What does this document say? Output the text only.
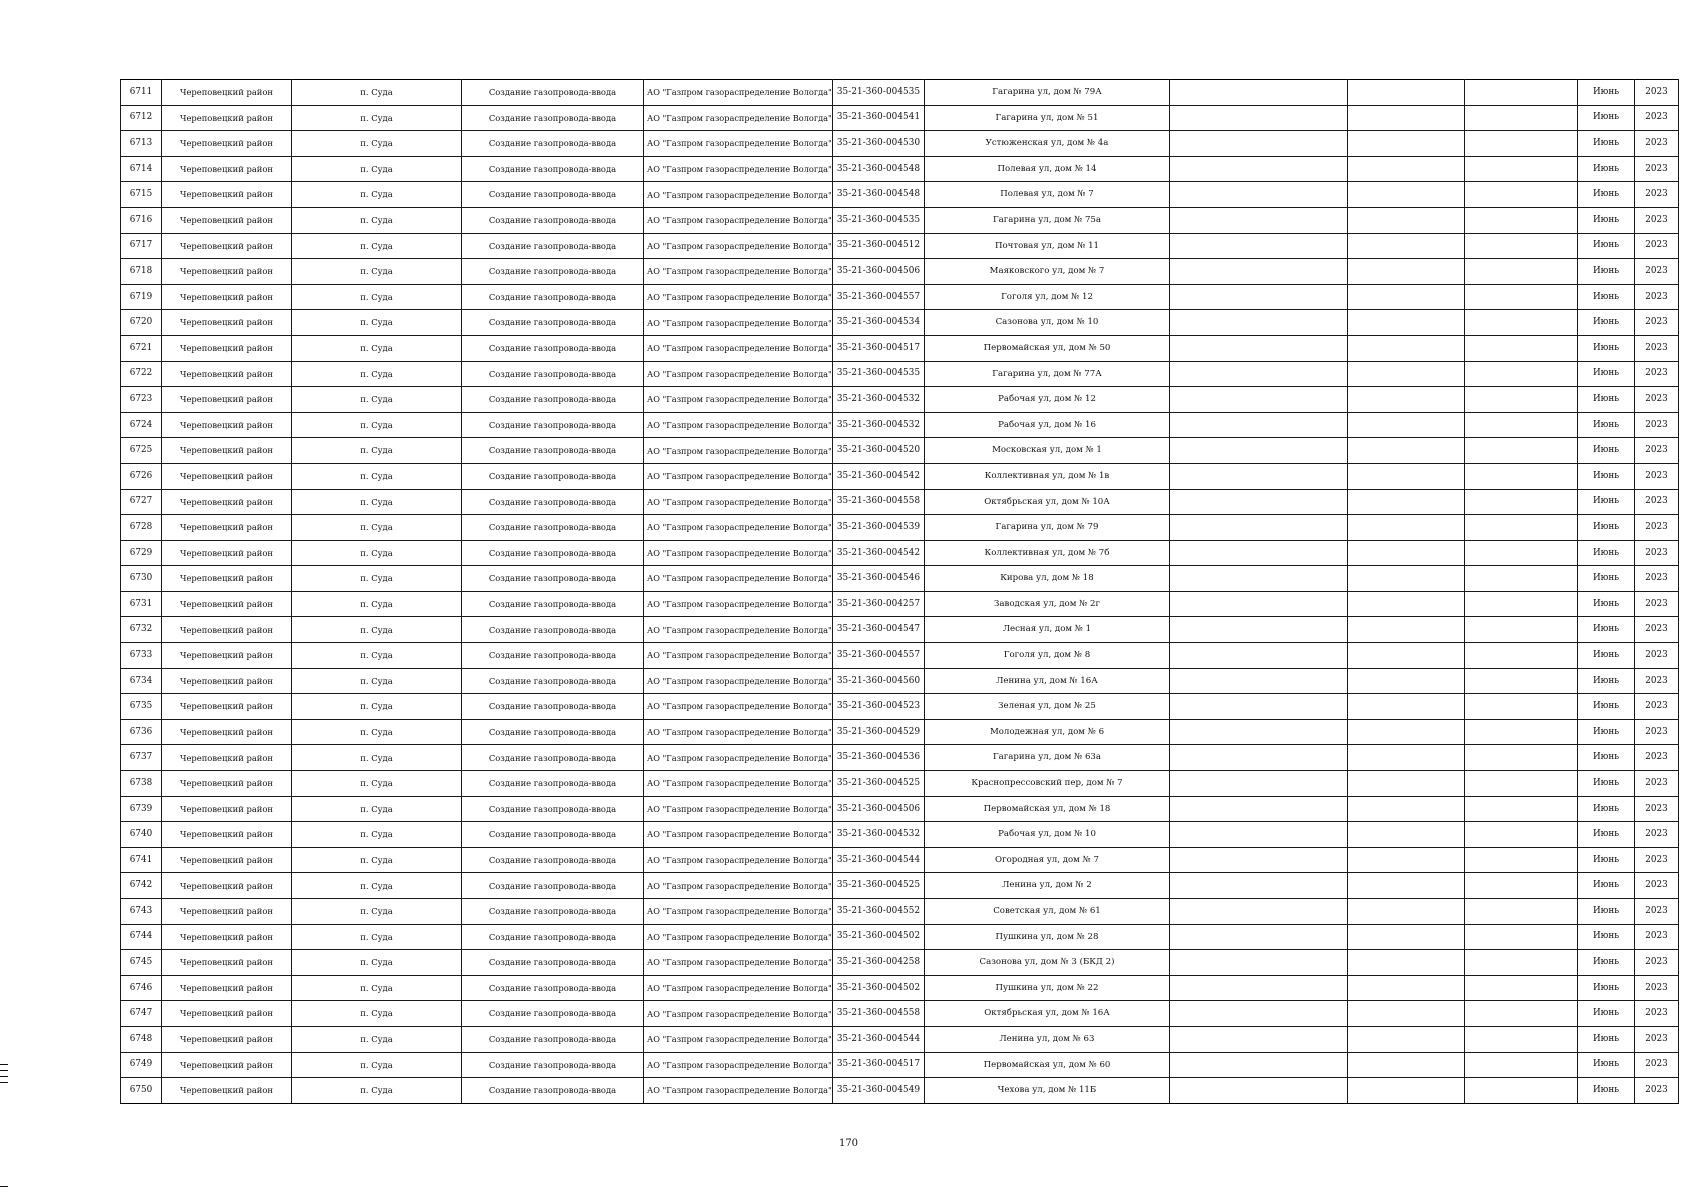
6711	Череповецкий район	п. Суда	Создание газопровода-ввода	АО "Газпром газораспределение Вологда"	35-21-360-004535	Гагарина ул, дом № 79А				Июнь	2023
6712	Череповецкий район	п. Суда	Создание газопровода-ввода	АО "Газпром газораспределение Вологда"	35-21-360-004541	Гагарина ул, дом № 51				Июнь	2023
6713	Череповецкий район	п. Суда	Создание газопровода-ввода	АО "Газпром газораспределение Вологда"	35-21-360-004530	Устюженская ул, дом № 4а				Июнь	2023
6714	Череповецкий район	п. Суда	Создание газопровода-ввода	АО "Газпром газораспределение Вологда"	35-21-360-004548	Полевая ул, дом № 14				Июнь	2023
6715	Череповецкий район	п. Суда	Создание газопровода-ввода	АО "Газпром газораспределение Вологда"	35-21-360-004548	Полевая ул, дом № 7				Июнь	2023
6716	Череповецкий район	п. Суда	Создание газопровода-ввода	АО "Газпром газораспределение Вологда"	35-21-360-004535	Гагарина ул, дом № 75а				Июнь	2023
6717	Череповецкий район	п. Суда	Создание газопровода-ввода	АО "Газпром газораспределение Вологда"	35-21-360-004512	Почтовая ул, дом № 11				Июнь	2023
6718	Череповецкий район	п. Суда	Создание газопровода-ввода	АО "Газпром газораспределение Вологда"	35-21-360-004506	Маяковского ул, дом № 7				Июнь	2023
6719	Череповецкий район	п. Суда	Создание газопровода-ввода	АО "Газпром газораспределение Вологда"	35-21-360-004557	Гоголя ул, дом № 12				Июнь	2023
6720	Череповецкий район	п. Суда	Создание газопровода-ввода	АО "Газпром газораспределение Вологда"	35-21-360-004534	Сазонова ул, дом № 10				Июнь	2023
6721	Череповецкий район	п. Суда	Создание газопровода-ввода	АО "Газпром газораспределение Вологда"	35-21-360-004517	Первомайская ул, дом № 50				Июнь	2023
6722	Череповецкий район	п. Суда	Создание газопровода-ввода	АО "Газпром газораспределение Вологда"	35-21-360-004535	Гагарина ул, дом № 77А				Июнь	2023
6723	Череповецкий район	п. Суда	Создание газопровода-ввода	АО "Газпром газораспределение Вологда"	35-21-360-004532	Рабочая ул, дом № 12				Июнь	2023
6724	Череповецкий район	п. Суда	Создание газопровода-ввода	АО "Газпром газораспределение Вологда"	35-21-360-004532	Рабочая ул, дом № 16				Июнь	2023
6725	Череповецкий район	п. Суда	Создание газопровода-ввода	АО "Газпром газораспределение Вологда"	35-21-360-004520	Московская ул, дом № 1				Июнь	2023
6726	Череповецкий район	п. Суда	Создание газопровода-ввода	АО "Газпром газораспределение Вологда"	35-21-360-004542	Коллективная ул, дом № 1в				Июнь	2023
6727	Череповецкий район	п. Суда	Создание газопровода-ввода	АО "Газпром газораспределение Вологда"	35-21-360-004558	Октябрьская ул, дом № 10А				Июнь	2023
6728	Череповецкий район	п. Суда	Создание газопровода-ввода	АО "Газпром газораспределение Вологда"	35-21-360-004539	Гагарина ул, дом № 79				Июнь	2023
6729	Череповецкий район	п. Суда	Создание газопровода-ввода	АО "Газпром газораспределение Вологда"	35-21-360-004542	Коллективная ул, дом № 7б				Июнь	2023
6730	Череповецкий район	п. Суда	Создание газопровода-ввода	АО "Газпром газораспределение Вологда"	35-21-360-004546	Кирова ул, дом № 18				Июнь	2023
6731	Череповецкий район	п. Суда	Создание газопровода-ввода	АО "Газпром газораспределение Вологда"	35-21-360-004257	Заводская ул, дом № 2г				Июнь	2023
6732	Череповецкий район	п. Суда	Создание газопровода-ввода	АО "Газпром газораспределение Вологда"	35-21-360-004547	Лесная ул, дом № 1				Июнь	2023
6733	Череповецкий район	п. Суда	Создание газопровода-ввода	АО "Газпром газораспределение Вологда"	35-21-360-004557	Гоголя ул, дом № 8				Июнь	2023
6734	Череповецкий район	п. Суда	Создание газопровода-ввода	АО "Газпром газораспределение Вологда"	35-21-360-004560	Ленина ул, дом № 16А				Июнь	2023
6735	Череповецкий район	п. Суда	Создание газопровода-ввода	АО "Газпром газораспределение Вологда"	35-21-360-004523	Зеленая ул, дом № 25				Июнь	2023
6736	Череповецкий район	п. Суда	Создание газопровода-ввода	АО "Газпром газораспределение Вологда"	35-21-360-004529	Молодежная ул, дом № 6				Июнь	2023
6737	Череповецкий район	п. Суда	Создание газопровода-ввода	АО "Газпром газораспределение Вологда"	35-21-360-004536	Гагарина ул, дом № 63а				Июнь	2023
6738	Череповецкий район	п. Суда	Создание газопровода-ввода	АО "Газпром газораспределение Вологда"	35-21-360-004525	Краснопрессовский пер, дом № 7				Июнь	2023
6739	Череповецкий район	п. Суда	Создание газопровода-ввода	АО "Газпром газораспределение Вологда"	35-21-360-004506	Первомайская ул, дом № 18				Июнь	2023
6740	Череповецкий район	п. Суда	Создание газопровода-ввода	АО "Газпром газораспределение Вологда"	35-21-360-004532	Рабочая ул, дом № 10				Июнь	2023
6741	Череповецкий район	п. Суда	Создание газопровода-ввода	АО "Газпром газораспределение Вологда"	35-21-360-004544	Огородная ул, дом № 7				Июнь	2023
6742	Череповецкий район	п. Суда	Создание газопровода-ввода	АО "Газпром газораспределение Вологда"	35-21-360-004525	Ленина ул, дом № 2				Июнь	2023
6743	Череповецкий район	п. Суда	Создание газопровода-ввода	АО "Газпром газораспределение Вологда"	35-21-360-004552	Советская ул, дом № 61				Июнь	2023
6744	Череповецкий район	п. Суда	Создание газопровода-ввода	АО "Газпром газораспределение Вологда"	35-21-360-004502	Пушкина ул, дом № 28				Июнь	2023
6745	Череповецкий район	п. Суда	Создание газопровода-ввода	АО "Газпром газораспределение Вологда"	35-21-360-004258	Сазонова ул, дом № 3 (БКД 2)				Июнь	2023
6746	Череповецкий район	п. Суда	Создание газопровода-ввода	АО "Газпром газораспределение Вологда"	35-21-360-004502	Пушкина ул, дом № 22				Июнь	2023
6747	Череповецкий район	п. Суда	Создание газопровода-ввода	АО "Газпром газораспределение Вологда"	35-21-360-004558	Октябрьская ул, дом № 16А				Июнь	2023
6748	Череповецкий район	п. Суда	Создание газопровода-ввода	АО "Газпром газораспределение Вологда"	35-21-360-004544	Ленина ул, дом № 63				Июнь	2023
6749	Череповецкий район	п. Суда	Создание газопровода-ввода	АО "Газпром газораспределение Вологда"	35-21-360-004517	Первомайская ул, дом № 60				Июнь	2023
6750	Череповецкий район	п. Суда	Создание газопровода-ввода	АО "Газпром газораспределение Вологда"	35-21-360-004549	Чехова ул, дом № 11Б				Июнь	2023
170
